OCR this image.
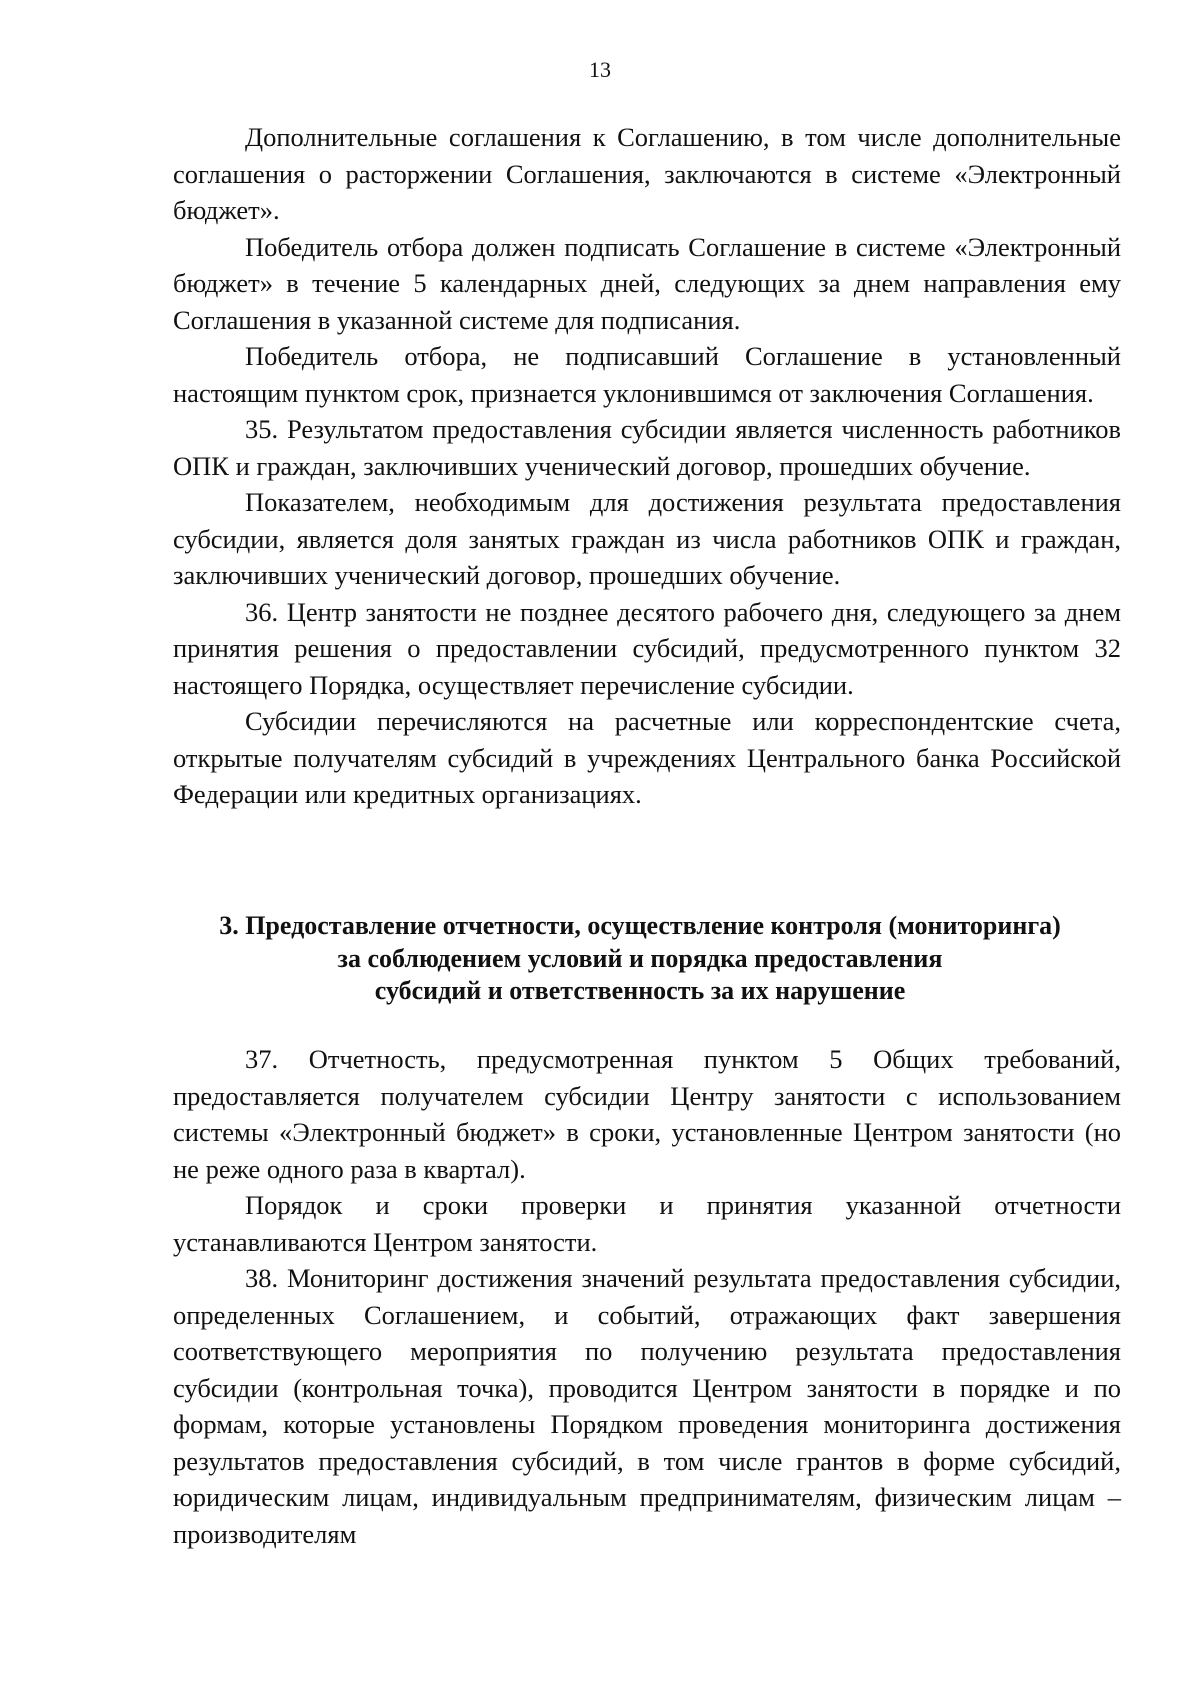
13

Дополнительные соглашения к Соглашению, в том числе дополнительные соглашения о расторжении Соглашения, заключаются в системе «Электронный бюджет».

Победитель отбора должен подписать Соглашение в системе «Электронный бюджет» в течение 5 календарных дней, следующих за днем направления ему Соглашения в указанной системе для подписания.

Победитель отбора, не подписавший Соглашение в установленный настоящим пунктом срок, признается уклонившимся от заключения Соглашения.

35. Результатом предоставления субсидии является численность работников ОПК и граждан, заключивших ученический договор, прошедших обучение.

Показателем, необходимым для достижения результата предоставления субсидии, является доля занятых граждан из числа работников ОПК и граждан, заключивших ученический договор, прошедших обучение.

36. Центр занятости не позднее десятого рабочего дня, следующего за днем принятия решения о предоставлении субсидий, предусмотренного пунктом 32 настоящего Порядка, осуществляет перечисление субсидии.

Субсидии перечисляются на расчетные или корреспондентские счета, открытые получателям субсидий в учреждениях Центрального банка Российской Федерации или кредитных организациях.

3. Предоставление отчетности, осуществление контроля (мониторинга)
за соблюдением условий и порядка предоставления
субсидий и ответственность за их нарушение

37. Отчетность, предусмотренная пунктом 5 Общих требований, предоставляется получателем субсидии Центру занятости с использованием системы «Электронный бюджет» в сроки, установленные Центром занятости (но не реже одного раза в квартал).

Порядок и сроки проверки и принятия указанной отчетности устанавливаются Центром занятости.

38. Мониторинг достижения значений результата предоставления субсидии, определенных Соглашением, и событий, отражающих факт завершения соответствующего мероприятия по получению результата предоставления субсидии (контрольная точка), проводится Центром занятости в порядке и по формам, которые установлены Порядком проведения мониторинга достижения результатов предоставления субсидий, в том числе грантов в форме субсидий, юридическим лицам, индивидуальным предпринимателям, физическим лицам – производителям
